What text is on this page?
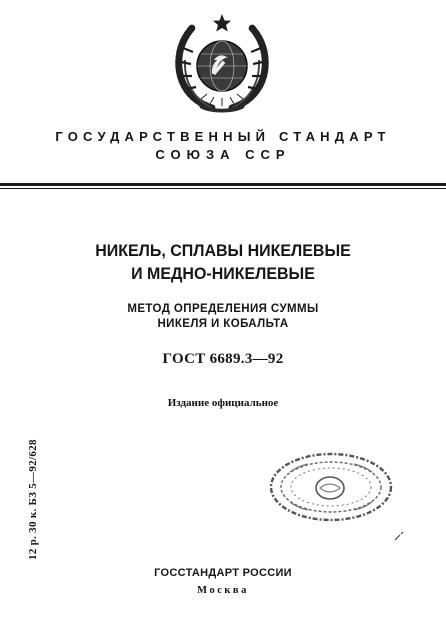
ГОСУДАРСТВЕННЫЙ СТАНДАРТ

СОЮЗА ССР

НИКЕЛЬ, СПЛАВЫ НИКЕЛЕВЫЕ
И МЕДНО-НИКЕЛЕВЫЕ
МЕТОД ОПРЕДЕЛЕНИЯ СУММЫ
НИКЕЛЯ И КОБАЛЬТА
ГОСТ 6689.3—92
Издание официальное
12 р. 30 к. БЗ 5—92/628
ГОССТАНДАРТ РОССИИ
Москва
